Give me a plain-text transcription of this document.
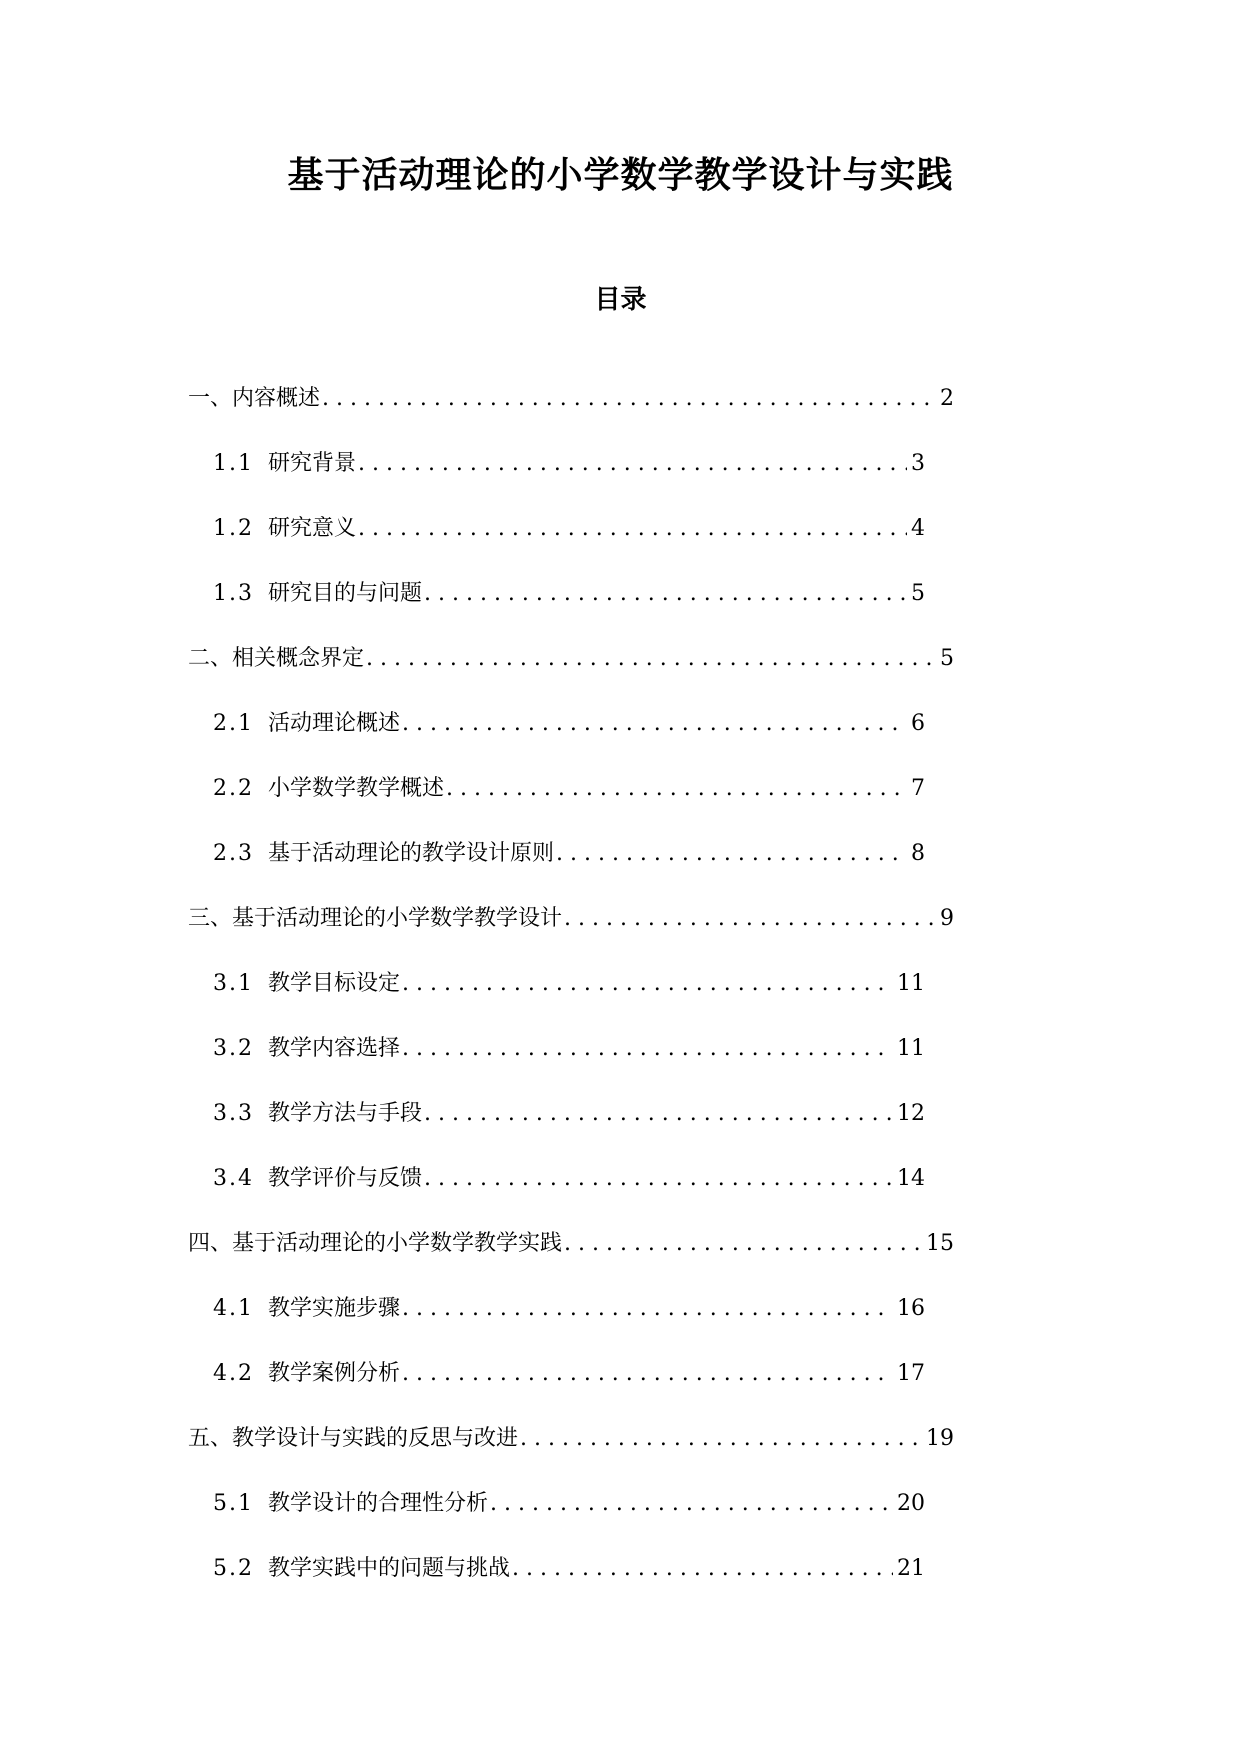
基于活动理论的小学数学教学设计与实践
目录
一、内容概述 . . .	2
1.1 研究背景 . . .	3
1.2 研究意义 . . .	4
1.3 研究目的与问题 . . .	5
二、相关概念界定 . . .	5
2.1 活动理论概述 . . .	6
2.2 小学数学教学概述 . . .	7
2.3 基于活动理论的教学设计原则 . . .	8
三、基于活动理论的小学数学教学设计 . . .	9
3.1 教学目标设定 . . .	11
3.2 教学内容选择 . . .	11
3.3 教学方法与手段 . . .	12
3.4 教学评价与反馈 . . .	14
四、基于活动理论的小学数学教学实践 . . .	15
4.1 教学实施步骤 . . .	16
4.2 教学案例分析 . . .	17
五、教学设计与实践的反思与改进 . . .	19
5.1 教学设计的合理性分析 . . .	20
5.2 教学实践中的问题与挑战 . . .	21
